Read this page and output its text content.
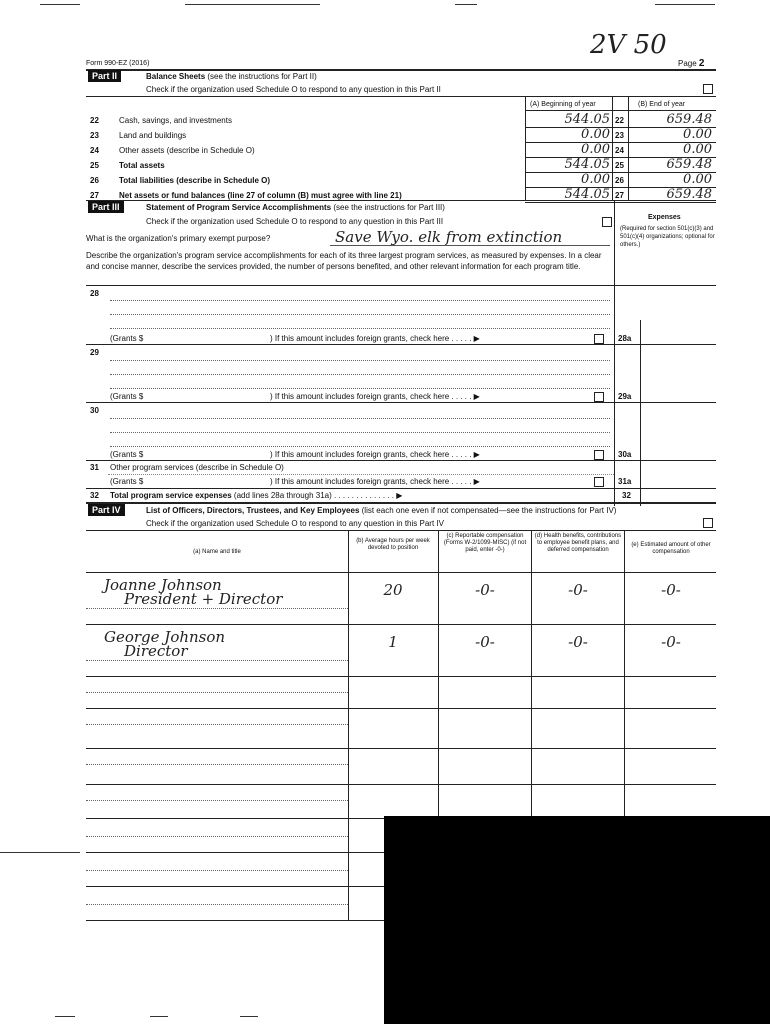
Form 990-EZ (2016)
2V 50
Page 2
Part II	Balance Sheets (see the instructions for Part II)
Check if the organization used Schedule O to respond to any question in this Part II
(A) Beginning of year	(B) End of year
22	Cash, savings, and investments	544.05 22	659.48
23	Land and buildings	0.00 23	0.00
24	Other assets (describe in Schedule O)	0.00 24	0.00
25	Total assets	544.05 25	659.48
26	Total liabilities (describe in Schedule O)	0.00 26	0.00
27	Net assets or fund balances (line 27 of column (B) must agree with line 21)	544.05 27	659.48
Part III	Statement of Program Service Accomplishments (see the instructions for Part III)
Check if the organization used Schedule O to respond to any question in this Part III	Expenses
(Required for section 501(c)(3) and 501(c)(4) organizations; optional for others.)
What is the organization's primary exempt purpose?	Save Wyo. elk from extinction
Describe the organization's program service accomplishments for each of its three largest program services, as measured by expenses. In a clear and concise manner, describe the services provided, the number of persons benefited, and other relevant information for each program title.
28
(Grants $	) If this amount includes foreign grants, check here . . . . . ▶	28a
29
(Grants $	) If this amount includes foreign grants, check here . . . . . ▶	29a
30
(Grants $	) If this amount includes foreign grants, check here . . . . . ▶	30a
31 Other program services (describe in Schedule O)
(Grants $	) If this amount includes foreign grants, check here . . . . . ▶	31a
32 Total program service expenses (add lines 28a through 31a) . . . . . . . . . . . . . . ▶	32
Part IV	List of Officers, Directors, Trustees, and Key Employees (list each one even if not compensated—see the instructions for Part IV)
Check if the organization used Schedule O to respond to any question in this Part IV
(a) Name and title
(b) Average hours per week devoted to position
(c) Reportable compensation (Forms W-2/1099-MISC) (if not paid, enter -0-)
(d) Health benefits, contributions to employee benefit plans, and deferred compensation
(e) Estimated amount of other compensation
Joanne Johnson
President + Director	20	-0-	-0-	-0-
George Johnson
Director	1	-0-	-0-	-0-
